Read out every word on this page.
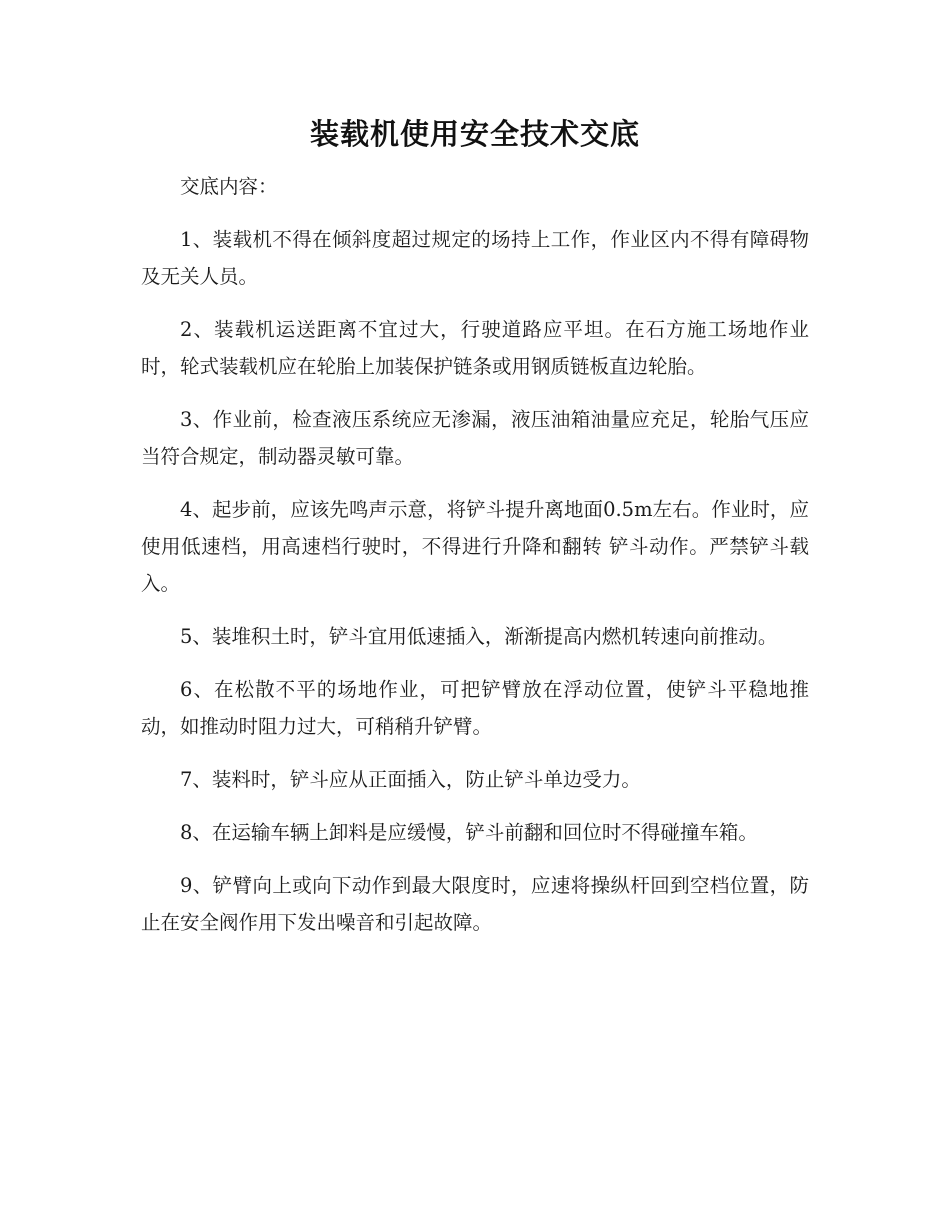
装载机使用安全技术交底

交底内容：

1、装载机不得在倾斜度超过规定的场持上工作，作业区内不得有障碍物及无关人员。

2、装载机运送距离不宜过大，行驶道路应平坦。在石方施工场地作业时，轮式装载机应在轮胎上加装保护链条或用钢质链板直边轮胎。

3、作业前，检查液压系统应无渗漏，液压油箱油量应充足，轮胎气压应当符合规定，制动器灵敏可靠。

4、起步前，应该先鸣声示意，将铲斗提升离地面0.5m左右。作业时，应使用低速档，用高速档行驶时，不得进行升降和翻转 铲斗动作。严禁铲斗载入。

5、装堆积土时，铲斗宜用低速插入，渐渐提高内燃机转速向前推动。

6、在松散不平的场地作业，可把铲臂放在浮动位置，使铲斗平稳地推动，如推动时阻力过大，可稍稍升铲臂。

7、装料时，铲斗应从正面插入，防止铲斗单边受力。

8、在运输车辆上卸料是应缓慢，铲斗前翻和回位时不得碰撞车箱。

9、铲臂向上或向下动作到最大限度时，应速将操纵杆回到空档位置，防止在安全阀作用下发出噪音和引起故障。
